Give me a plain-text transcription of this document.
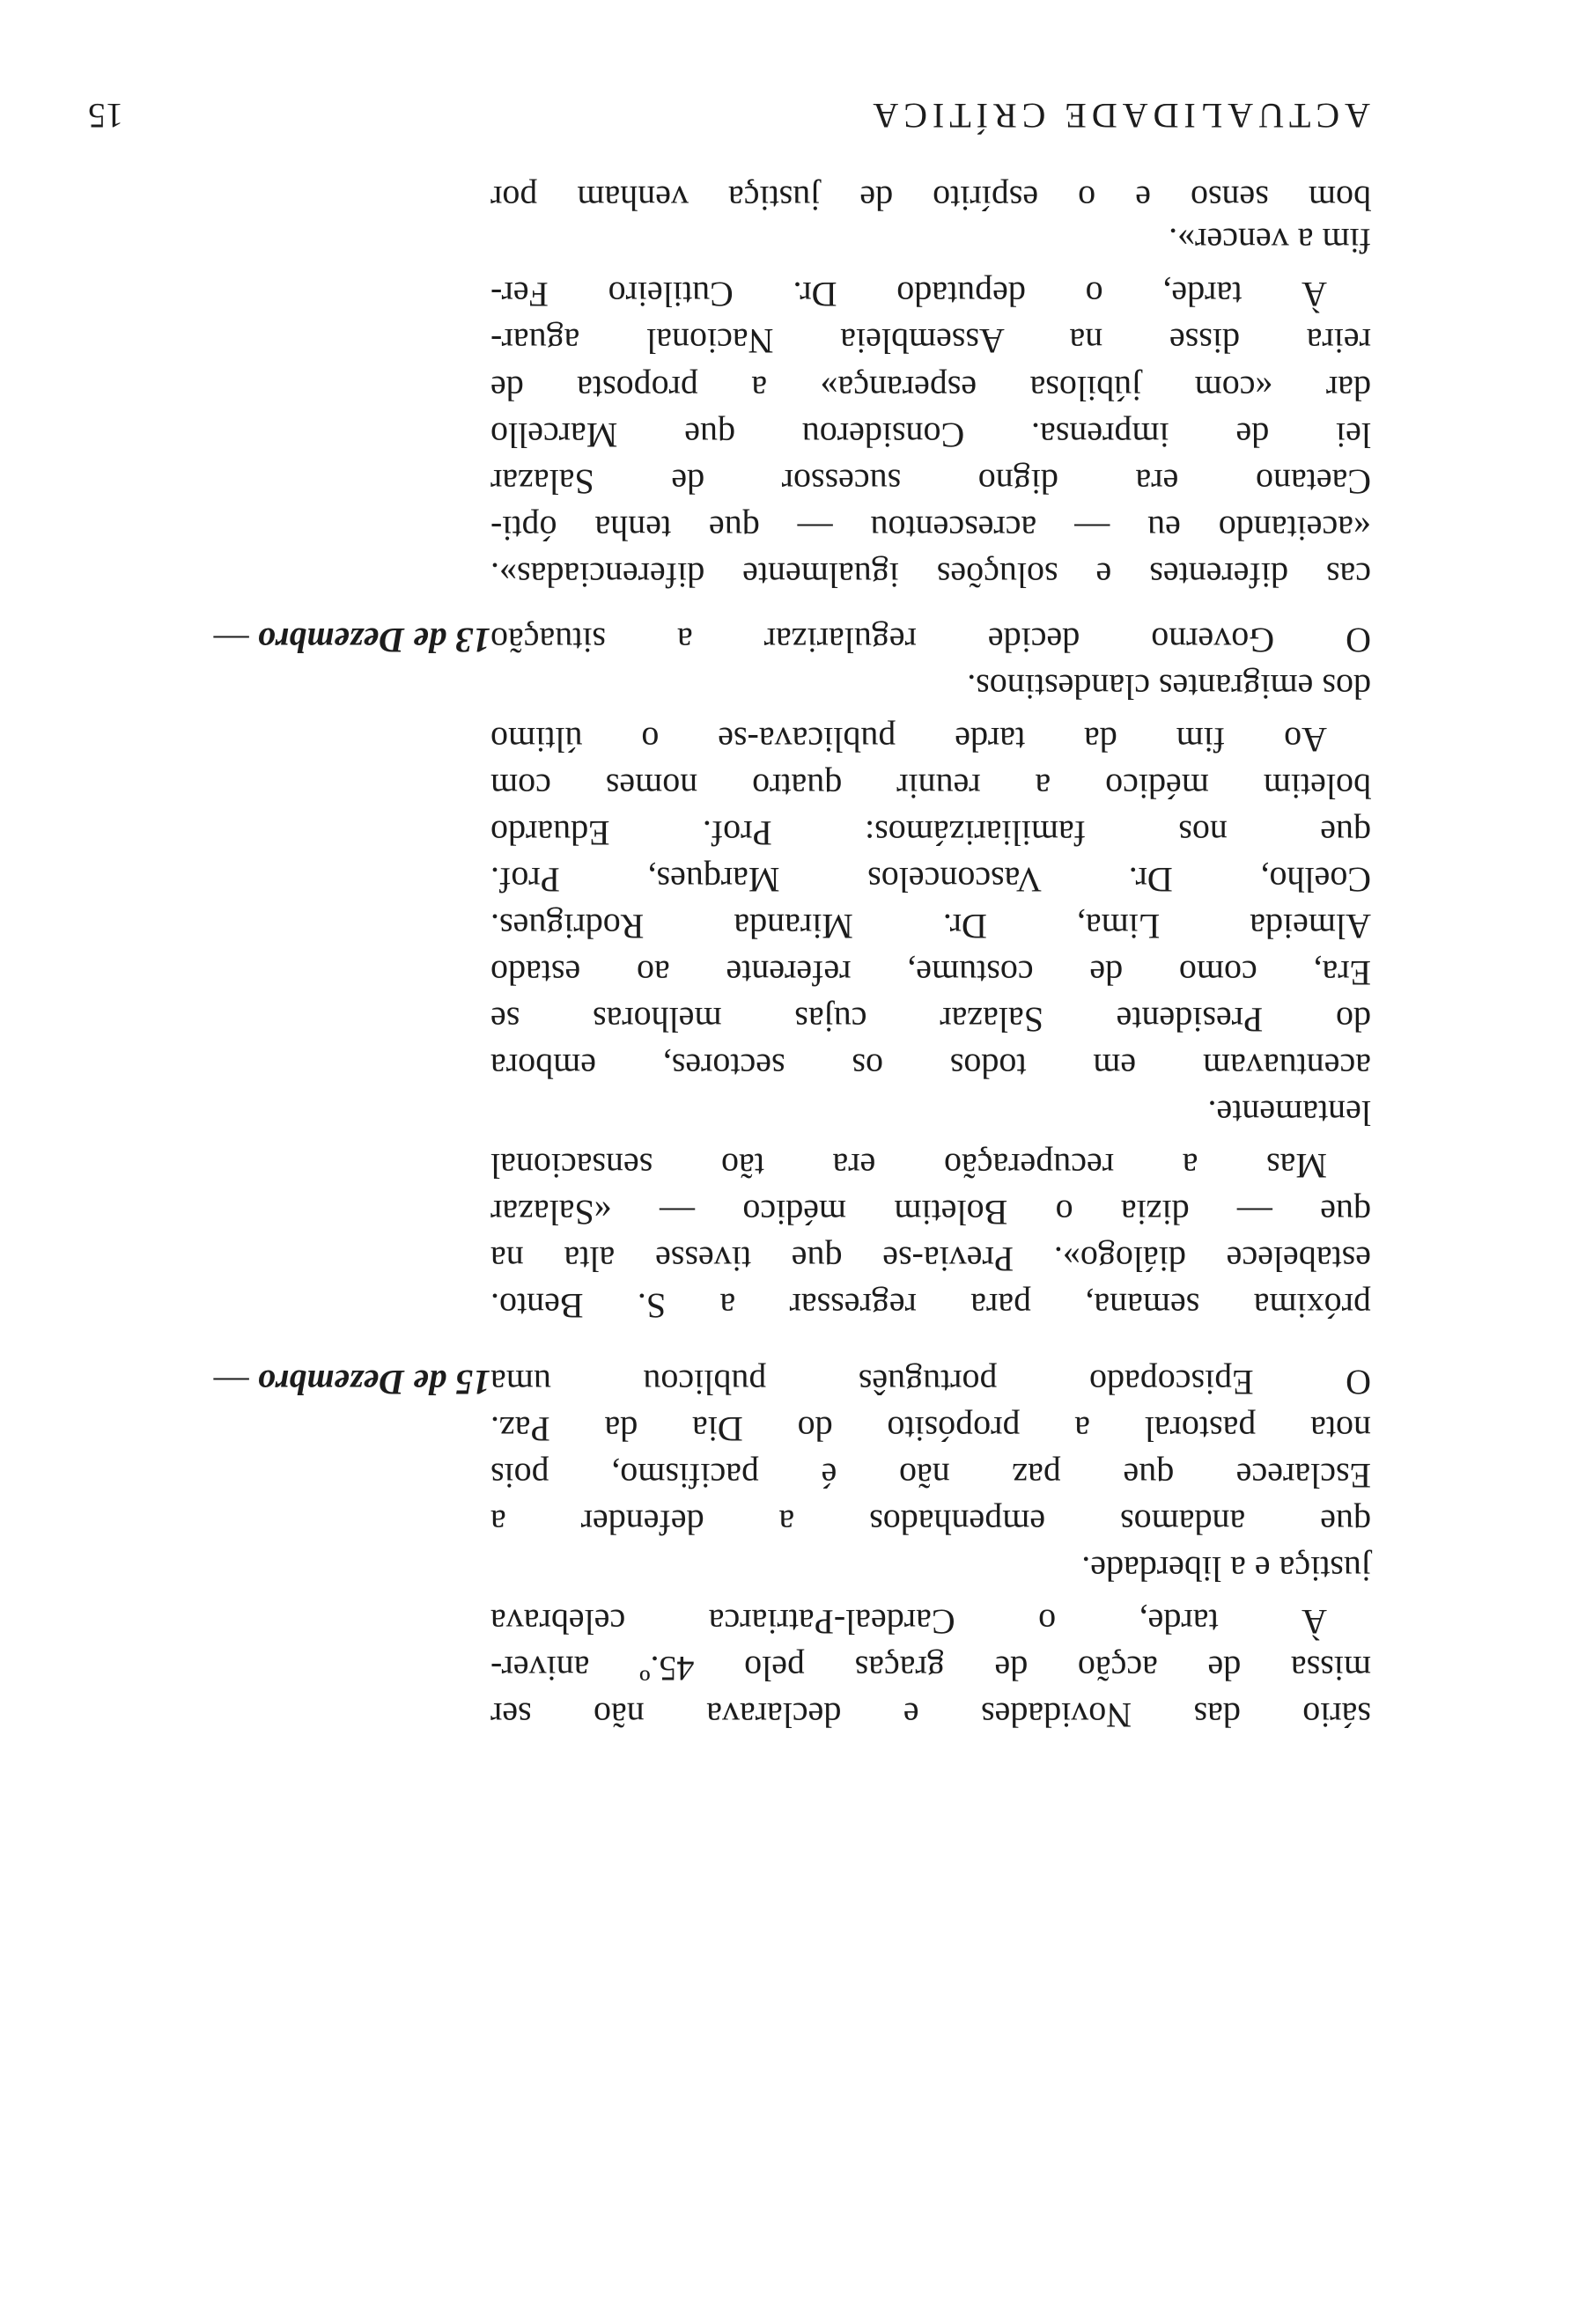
ACTUALIDADE CRÍTICA
15
bom senso e o espírito de justiça venham por
fim a vencer».
À tarde, o deputado Dr. Cutileiro Fer-
reira disse na Assembleia Nacional aguar-
dar «com júbilosa esperança» a proposta de
lei de imprensa. Considerou que Marcello
Caetano era digno sucessor de Salazar
«aceitando eu — acrescentou — que tenha ópti-
cas diferentes e soluções igualmente diferenciadas».
13 de Dezembro —	O Governo decide regularizar a situação
dos emigrantes clandestinos.
Ao fim da tarde publicava-se o último
boletim médico a reunir quatro nomes com
que nos familiarizámos: Prof. Eduardo
Coelho, Dr. Vasconcelos Marques, Prof.
Almeida Lima, Dr. Miranda Rodrigues.
Era, como de costume, referente ao estado
do Presidente Salazar cujas melhoras se
acentuavam em todos os sectores, embora
lentamente.
Mas a recuperação era tão sensacional
que — dizia o Boletim médico — «Salazar
estabelece diálogo». Previa-se que tivesse alta na
próxima semana, para regressar a S. Bento.
15 de Dezembro —	O Episcopado português publicou uma
nota pastoral a propósito do Dia da Paz.
Esclarece que paz não é pacifismo, pois
que andamos empenhados a defender a
justiça e a liberdade.
À tarde, o Cardeal-Patriarca celebrava
missa de acção de graças pelo 45.º aniver-
sário das Novidades e declarava não ser
